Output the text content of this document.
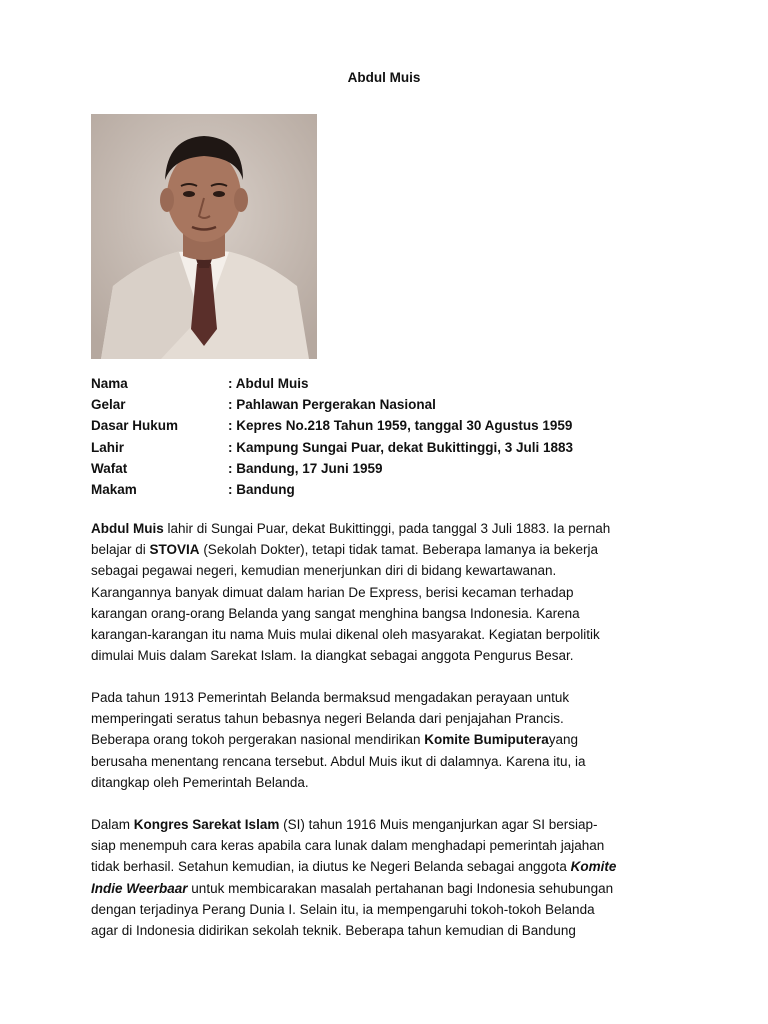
Abdul Muis
Nama	: Abdul Muis
Gelar	: Pahlawan Pergerakan Nasional
Dasar Hukum	: Kepres No.218 Tahun 1959, tanggal 30 Agustus 1959
Lahir	: Kampung Sungai Puar, dekat Bukittinggi, 3 Juli 1883
Wafat	: Bandung, 17 Juni 1959
Makam	: Bandung
Abdul Muis lahir di Sungai Puar, dekat Bukittinggi, pada tanggal 3 Juli 1883. Ia pernah
belajar di STOVIA (Sekolah Dokter), tetapi tidak tamat. Beberapa lamanya ia bekerja
sebagai pegawai negeri, kemudian menerjunkan diri di bidang kewartawanan.
Karangannya banyak dimuat dalam harian De Express, berisi kecaman terhadap
karangan orang-orang Belanda yang sangat menghina bangsa Indonesia. Karena
karangan-karangan itu nama Muis mulai dikenal oleh masyarakat. Kegiatan berpolitik
dimulai Muis dalam Sarekat Islam. Ia diangkat sebagai anggota Pengurus Besar.
Pada tahun 1913 Pemerintah Belanda bermaksud mengadakan perayaan untuk
memperingati seratus tahun bebasnya negeri Belanda dari penjajahan Prancis.
Beberapa orang tokoh pergerakan nasional mendirikan Komite Bumiputerayang
berusaha menentang rencana tersebut. Abdul Muis ikut di dalamnya. Karena itu, ia
ditangkap oleh Pemerintah Belanda.
Dalam Kongres Sarekat Islam (SI) tahun 1916 Muis menganjurkan agar SI bersiap-
siap menempuh cara keras apabila cara lunak dalam menghadapi pemerintah jajahan
tidak berhasil. Setahun kemudian, ia diutus ke Negeri Belanda sebagai anggota Komite
Indie Weerbaar untuk membicarakan masalah pertahanan bagi Indonesia sehubungan
dengan terjadinya Perang Dunia I. Selain itu, ia mempengaruhi tokoh-tokoh Belanda
agar di Indonesia didirikan sekolah teknik. Beberapa tahun kemudian di Bandung
